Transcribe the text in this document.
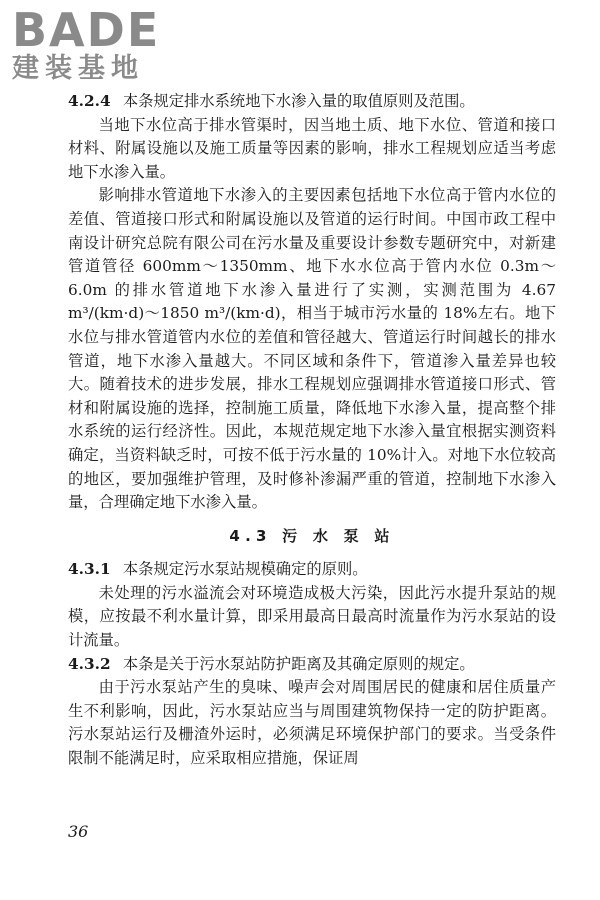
BADE
建装基地

4.2.4 本条规定排水系统地下水渗入量的取值原则及范围。

当地下水位高于排水管渠时，因当地土质、地下水位、管道和接口材料、附属设施以及施工质量等因素的影响，排水工程规划应适当考虑地下水渗入量。

影响排水管道地下水渗入的主要因素包括地下水位高于管内水位的差值、管道接口形式和附属设施以及管道的运行时间。中国市政工程中南设计研究总院有限公司在污水量及重要设计参数专题研究中，对新建管道管径 600mm～1350mm、地下水水位高于管内水位 0.3m～6.0m 的排水管道地下水渗入量进行了实测，实测范围为 4.67 m³/(km·d)～1850 m³/(km·d)，相当于城市污水量的 18%左右。地下水位与排水管道管内水位的差值和管径越大、管道运行时间越长的排水管道，地下水渗入量越大。不同区域和条件下，管道渗入量差异也较大。随着技术的进步发展，排水工程规划应强调排水管道接口形式、管材和附属设施的选择，控制施工质量，降低地下水渗入量，提高整个排水系统的运行经济性。因此，本规范规定地下水渗入量宜根据实测资料确定，当资料缺乏时，可按不低于污水量的 10%计入。对地下水位较高的地区，要加强维护管理，及时修补渗漏严重的管道，控制地下水渗入量，合理确定地下水渗入量。

4.3 污 水 泵 站

4.3.1 本条规定污水泵站规模确定的原则。

未处理的污水溢流会对环境造成极大污染，因此污水提升泵站的规模，应按最不利水量计算，即采用最高日最高时流量作为污水泵站的设计流量。

4.3.2 本条是关于污水泵站防护距离及其确定原则的规定。

由于污水泵站产生的臭味、噪声会对周围居民的健康和居住质量产生不利影响，因此，污水泵站应当与周围建筑物保持一定的防护距离。污水泵站运行及栅渣外运时，必须满足环境保护部门的要求。当受条件限制不能满足时，应采取相应措施，保证周

36
